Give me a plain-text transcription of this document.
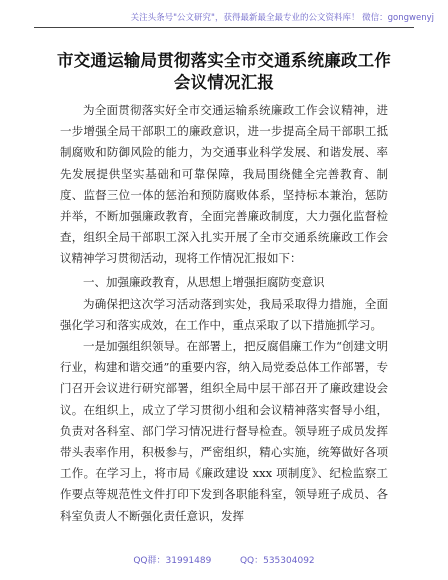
关注头条号"公文研究"，获得最新最全最专业的公文资料库！ 微信：gongwenyj
市交通运输局贯彻落实全市交通系统廉政工作
会议情况汇报

为全面贯彻落实好全市交通运输系统廉政工作会议精神，进一步增强全局干部职工的廉政意识，进一步提高全局干部职工抵制腐败和防御风险的能力，为交通事业科学发展、和谐发展、率先发展提供坚实基础和可靠保障，我局围绕健全完善教育、制度、监督三位一体的惩治和预防腐败体系，坚持标本兼治，惩防并举，不断加强廉政教育，全面完善廉政制度，大力强化监督检查，组织全局干部职工深入扎实开展了全市交通系统廉政工作会议精神学习贯彻活动，现将工作情况汇报如下：

一、加强廉政教育，从思想上增强拒腐防变意识

为确保把这次学习活动落到实处，我局采取得力措施，全面强化学习和落实成效，在工作中，重点采取了以下措施抓学习。

一是加强组织领导。在部署上，把反腐倡廉工作为“创建文明行业，构建和谐交通”的重要内容，纳入局党委总体工作部署，专门召开会议进行研究部署，组织全局中层干部召开了廉政建设会议。在组织上，成立了学习贯彻小组和会议精神落实督导小组，负责对各科室、部门学习情况进行督导检查。领导班子成员发挥带头表率作用，积极参与，严密组织，精心实施，统筹做好各项工作。在学习上，将市局《廉政建设 xxx 项制度》、纪检监察工作要点等规范性文件打印下发到各职能科室，领导班子成员、各科室负责人不断强化责任意识，发挥

QQ群：31991489	QQ：535304092
